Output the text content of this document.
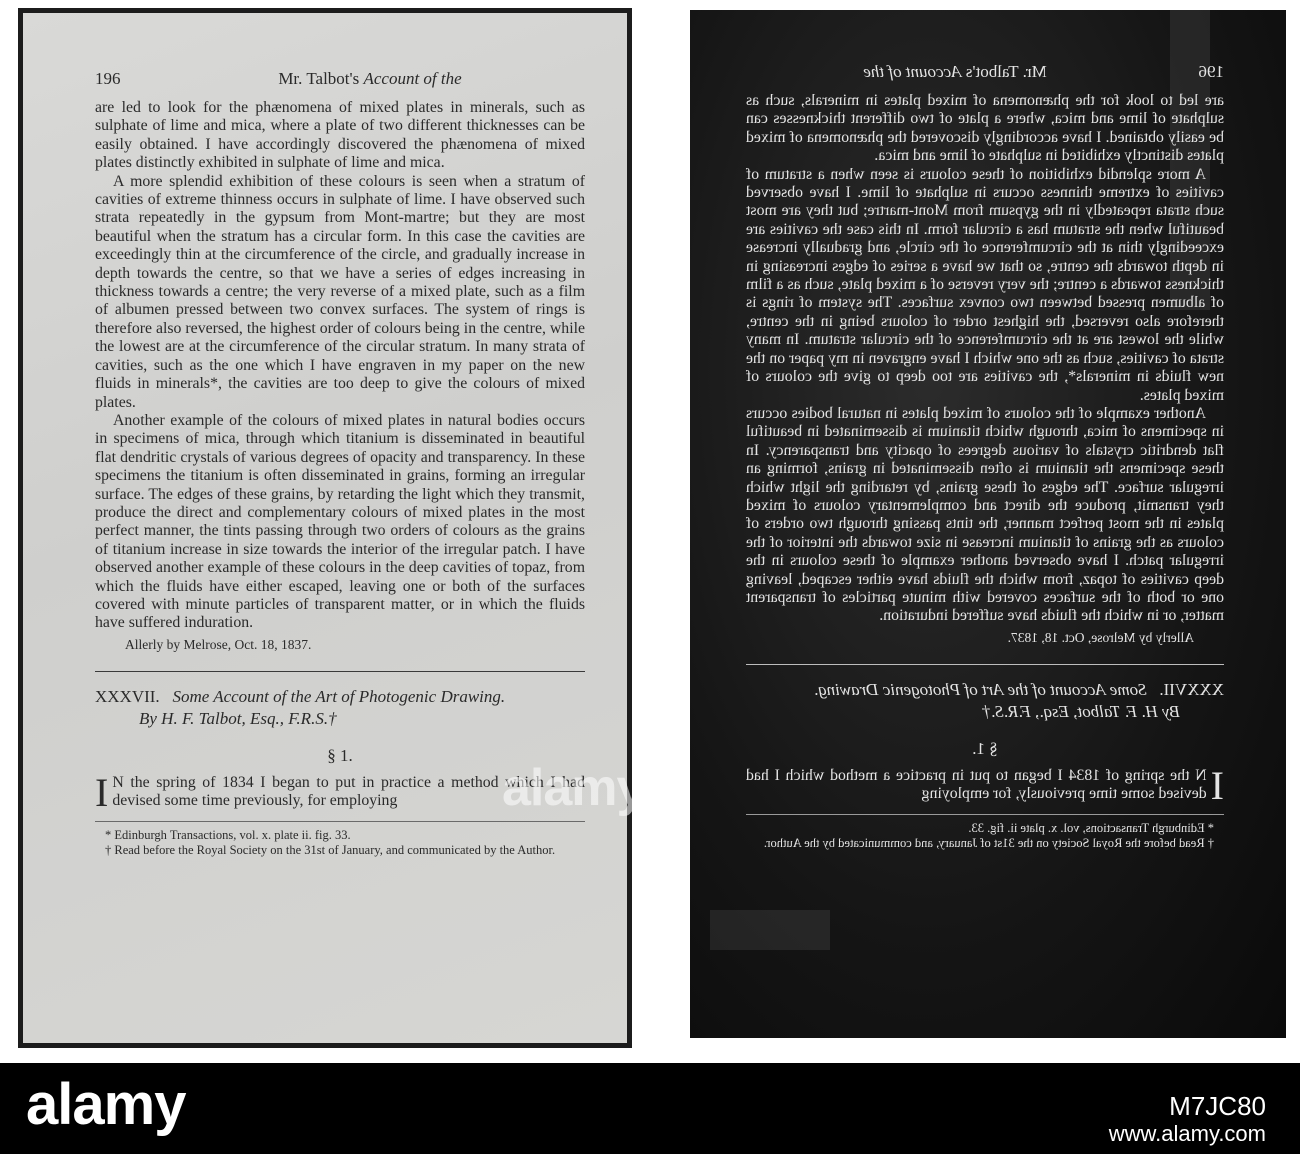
196	Mr. Talbot's Account of the

are led to look for the phænomena of mixed plates in minerals, such as sulphate of lime and mica, where a plate of two different thicknesses can be easily obtained. I have accordingly discovered the phænomena of mixed plates distinctly exhibited in sulphate of lime and mica.

A more splendid exhibition of these colours is seen when a stratum of cavities of extreme thinness occurs in sulphate of lime. I have observed such strata repeatedly in the gypsum from Mont-martre; but they are most beautiful when the stratum has a circular form. In this case the cavities are exceedingly thin at the circumference of the circle, and gradually increase in depth towards the centre, so that we have a series of edges increasing in thickness towards a centre; the very reverse of a mixed plate, such as a film of albumen pressed between two convex surfaces. The system of rings is therefore also reversed, the highest order of colours being in the centre, while the lowest are at the circumference of the circular stratum. In many strata of cavities, such as the one which I have engraven in my paper on the new fluids in minerals*, the cavities are too deep to give the colours of mixed plates.

Another example of the colours of mixed plates in natural bodies occurs in specimens of mica, through which titanium is disseminated in beautiful flat dendritic crystals of various degrees of opacity and transparency. In these specimens the titanium is often disseminated in grains, forming an irregular surface. The edges of these grains, by retarding the light which they transmit, produce the direct and complementary colours of mixed plates in the most perfect manner, the tints passing through two orders of colours as the grains of titanium increase in size towards the interior of the irregular patch. I have observed another example of these colours in the deep cavities of topaz, from which the fluids have either escaped, leaving one or both of the surfaces covered with minute particles of transparent matter, or in which the fluids have suffered induration.

Allerly by Melrose, Oct. 18, 1837.
XXXVII. Some Account of the Art of Photogenic Drawing.
By H. F. Talbot, Esq., F.R.S.†
§ 1.
I N the spring of 1834 I began to put in practice a method which I had devised some time previously, for employing

* Edinburgh Transactions, vol. x. plate ii. fig. 33.

† Read before the Royal Society on the 31st of January, and communicated by the Author.

196
Mr. Talbot's Account of the

are led to look for the phænomena of mixed plates in minerals, such as sulphate of lime and mica, where a plate of two different thicknesses can be easily obtained. I have accordingly discovered the phænomena of mixed plates distinctly exhibited in sulphate of lime and mica.

A more splendid exhibition of these colours is seen when a stratum of cavities of extreme thinness occurs in sulphate of lime. I have observed such strata repeatedly in the gypsum from Mont-martre; but they are most beautiful when the stratum has a circular form. In this case the cavities are exceedingly thin at the circumference of the circle, and gradually increase in depth towards the centre, so that we have a series of edges increasing in thickness towards a centre; the very reverse of a mixed plate, such as a film of albumen pressed between two convex surfaces. The system of rings is therefore also reversed, the highest order of colours being in the centre, while the lowest are at the circumference of the circular stratum. In many strata of cavities, such as the one which I have engraven in my paper on the new fluids in minerals*, the cavities are too deep to give the colours of mixed plates.

Another example of the colours of mixed plates in natural bodies occurs in specimens of mica, through which titanium is disseminated in beautiful flat dendritic crystals of various degrees of opacity and transparency. In these specimens the titanium is often disseminated in grains, forming an irregular surface. The edges of these grains, by retarding the light which they transmit, produce the direct and complementary colours of mixed plates in the most perfect manner, the tints passing through two orders of colours as the grains of titanium increase in size towards the interior of the irregular patch. I have observed another example of these colours in the deep cavities of topaz, from which the fluids have either escaped, leaving one or both of the surfaces covered with minute particles of transparent matter, or in which the fluids have suffered induration.

Allerly by Melrose, Oct. 18, 1837.
XXXVII.   Some Account of the Art of Photogenic Drawing.
By H. F. Talbot, Esq., F.R.S.†
§ 1.
I
N the spring of 1834 I began to put in practice a method which I had devised some time previously, for employing

* Edinburgh Transactions, vol. x. plate ii. fig. 33.

† Read before the Royal Society on the 31st of January, and communicated by the Author.

alamy
alamy	M7JC80
www.alamy.com
